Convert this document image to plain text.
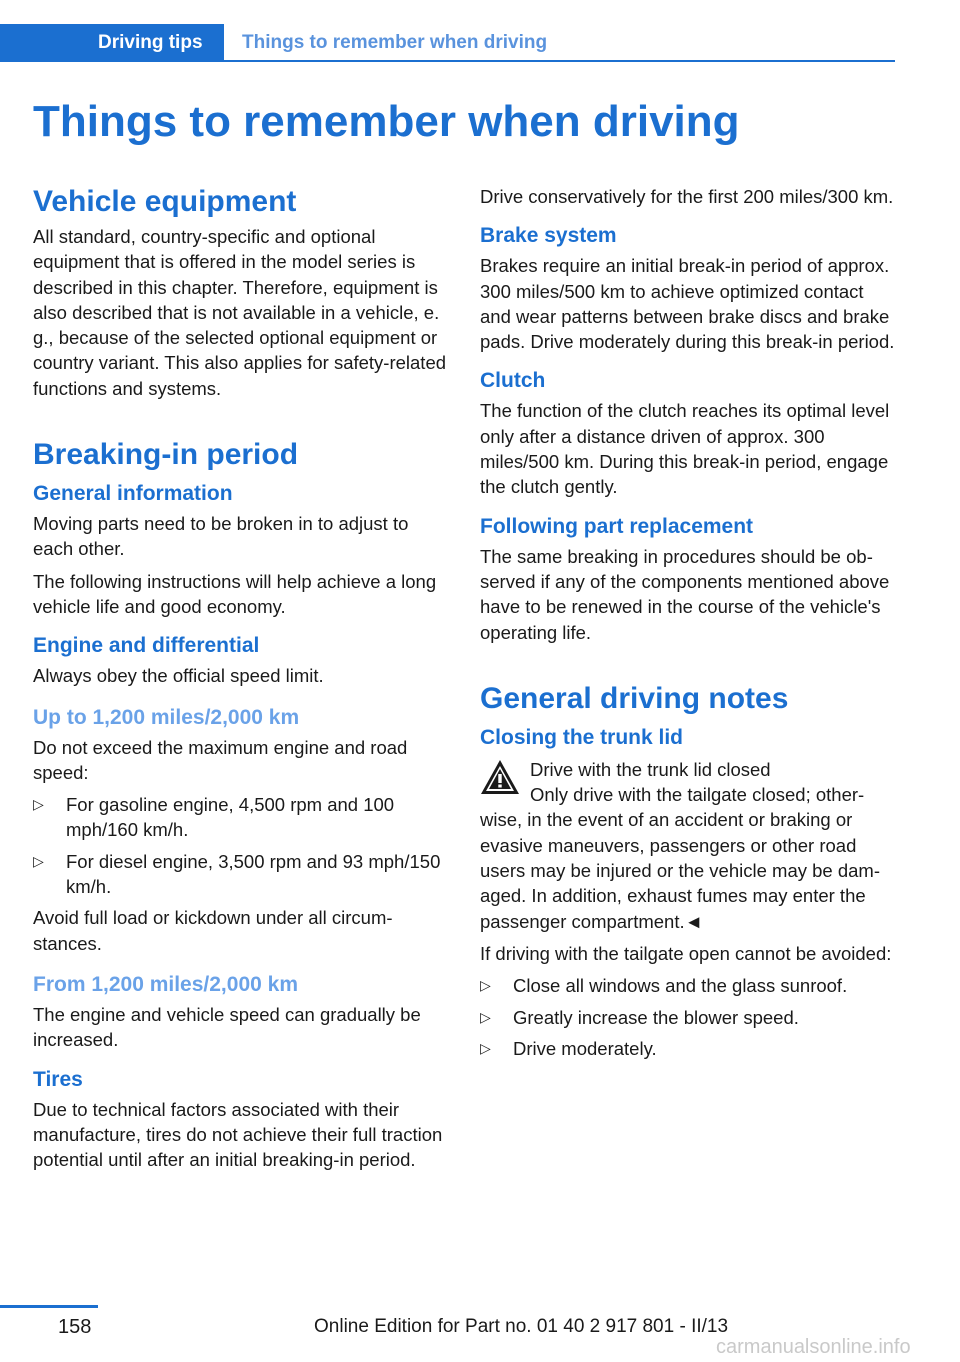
Driving tips Things to remember when driving
Things to remember when driving
Vehicle equipment

All standard, country-specific and optional equipment that is offered in the model series is described in this chapter. Therefore, equipment is also described that is not available in a vehicle, e. g., because of the selected optional equipment or country variant. This also applies for safety-related functions and systems.

Breaking-in period
General information

Moving parts need to be broken in to adjust to each other.

The following instructions will help achieve a long vehicle life and good economy.

Engine and differential

Always obey the official speed limit.

Up to 1,200 miles/2,000 km

Do not exceed the maximum engine and road speed:

▷ For gasoline engine, 4,500 rpm and 100 mph/160 km/h.
▷ For diesel engine, 3,500 rpm and 93 mph/150 km/h.

Avoid full load or kickdown under all circumstances.

From 1,200 miles/2,000 km

The engine and vehicle speed can gradually be increased.

Tires

Due to technical factors associated with their manufacture, tires do not achieve their full traction potential until after an initial breaking-in period.

Drive conservatively for the first 200 miles/300 km.

Brake system

Brakes require an initial break-in period of approx. 300 miles/500 km to achieve optimized contact and wear patterns between brake discs and brake pads. Drive moderately during this break-in period.

Clutch

The function of the clutch reaches its optimal level only after a distance driven of approx. 300 miles/500 km. During this break-in period, engage the clutch gently.

Following part replacement

The same breaking in procedures should be observed if any of the components mentioned above have to be renewed in the course of the vehicle's operating life.

General driving notes
Closing the trunk lid

Drive with the trunk lid closed

Only drive with the tailgate closed; otherwise, in the event of an accident or braking or evasive maneuvers, passengers or other road users may be injured or the vehicle may be damaged. In addition, exhaust fumes may enter the passenger compartment.◄

If driving with the tailgate open cannot be avoided:

▷ Close all windows and the glass sunroof.
▷ Greatly increase the blower speed.
▷ Drive moderately.
158	Online Edition for Part no. 01 40 2 917 801 - II/13
carmanualsonline.info
